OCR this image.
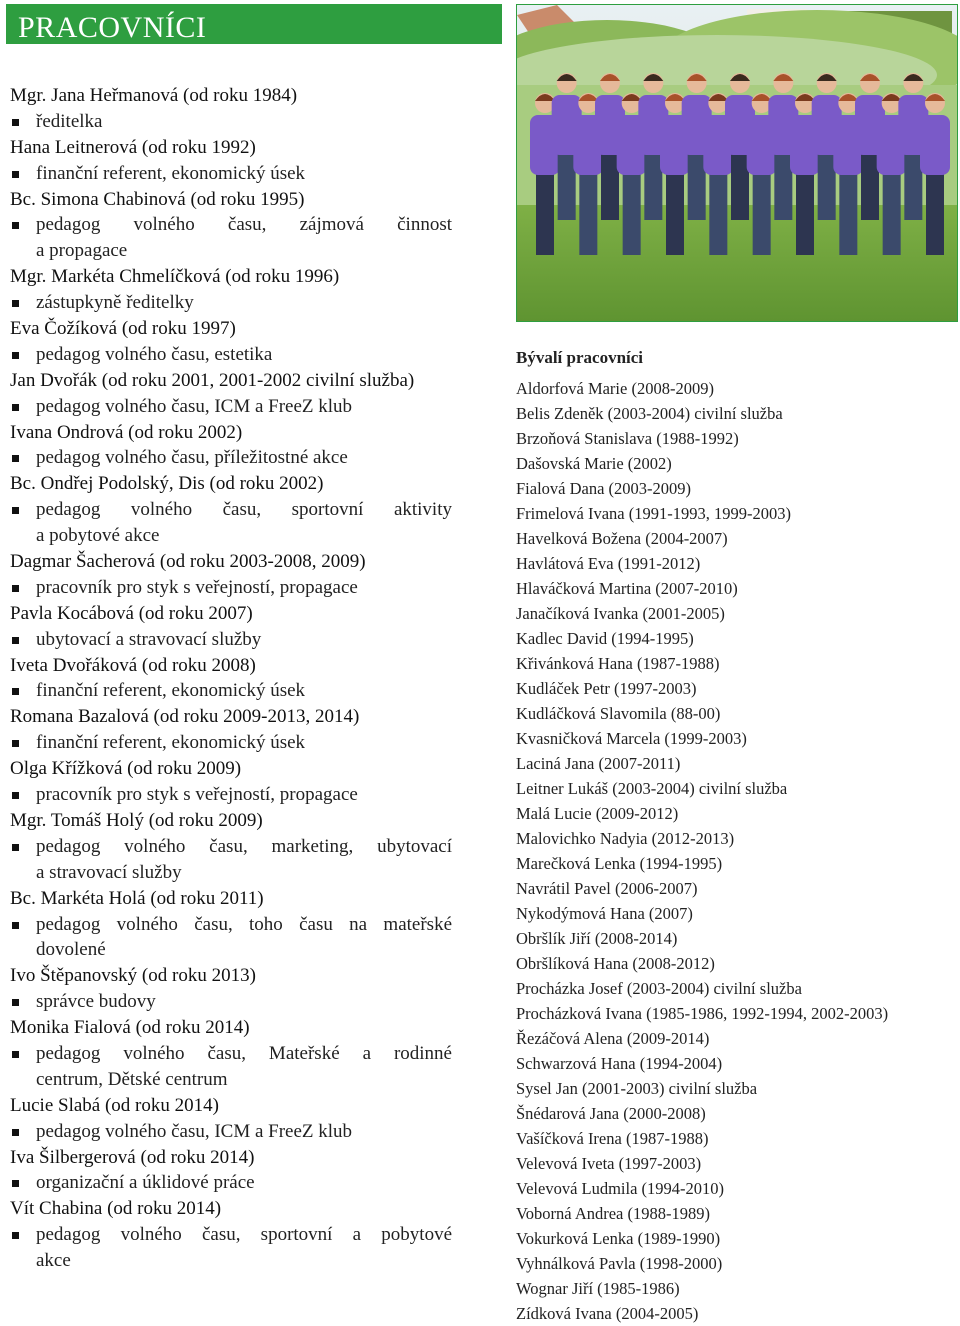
PRACOVNÍCI
Mgr. Jana Heřmanová (od roku 1984)
ředitelka
Hana Leitnerová (od roku 1992)
finanční referent, ekonomický úsek
Bc. Simona Chabinová (od roku 1995)
pedagog volného času, zájmová činnost
a propagace
Mgr. Markéta Chmelíčková (od roku 1996)
zástupkyně ředitelky
Eva Čožíková (od roku 1997)
pedagog volného času, estetika
Jan Dvořák (od roku 2001, 2001-2002 civilní služba)
pedagog volného času, ICM a FreeZ klub
Ivana Ondrová (od roku 2002)
pedagog volného času, příležitostné akce
Bc. Ondřej Podolský, Dis (od roku 2002)
pedagog volného času, sportovní aktivity
a pobytové akce
Dagmar Šacherová (od roku 2003-2008, 2009)
pracovník pro styk s veřejností, propagace
Pavla Kocábová (od roku 2007)
ubytovací a stravovací služby
Iveta Dvořáková (od roku 2008)
finanční referent, ekonomický úsek
Romana Bazalová (od roku 2009-2013, 2014)
finanční referent, ekonomický úsek
Olga Křížková (od roku 2009)
pracovník pro styk s veřejností, propagace
Mgr. Tomáš Holý (od roku 2009)
pedagog volného času, marketing, ubytovací
a stravovací služby
Bc. Markéta Holá (od roku 2011)
pedagog volného času, toho času na mateřské
dovolené
Ivo Štěpanovský (od roku 2013)
správce budovy
Monika Fialová (od roku 2014)
pedagog volného času, Mateřské a rodinné
centrum, Dětské centrum
Lucie Slabá (od roku 2014)
pedagog volného času, ICM a FreeZ klub
Iva Šilbergerová (od roku 2014)
organizační a úklidové práce
Vít Chabina (od roku 2014)
pedagog volného času, sportovní a pobytové
akce
Bývalí pracovníci
Aldorfová Marie (2008-2009)
Belis Zdeněk (2003-2004) civilní služba
Brzoňová Stanislava (1988-1992)
Dašovská Marie (2002)
Fialová Dana (2003-2009)
Frimelová Ivana (1991-1993, 1999-2003)
Havelková Božena (2004-2007)
Havlátová Eva (1991-2012)
Hlaváčková Martina (2007-2010)
Janačíková Ivanka (2001-2005)
Kadlec David (1994-1995)
Křivánková Hana (1987-1988)
Kudláček Petr (1997-2003)
Kudláčková Slavomila (88-00)
Kvasničková Marcela (1999-2003)
Laciná Jana (2007-2011)
Leitner Lukáš (2003-2004) civilní služba
Malá Lucie (2009-2012)
Malovichko Nadyia (2012-2013)
Marečková Lenka (1994-1995)
Navrátil Pavel (2006-2007)
Nykodýmová Hana (2007)
Obršlík Jiří (2008-2014)
Obršlíková Hana (2008-2012)
Procházka Josef (2003-2004) civilní služba
Procházková Ivana (1985-1986, 1992-1994, 2002-2003)
Řezáčová Alena (2009-2014)
Schwarzová Hana (1994-2004)
Sysel Jan (2001-2003) civilní služba
Šnédarová Jana (2000-2008)
Vašíčková Irena (1987-1988)
Velevová Iveta (1997-2003)
Velevová Ludmila (1994-2010)
Voborná Andrea (1988-1989)
Vokurková Lenka (1989-1990)
Vyhnálková Pavla (1998-2000)
Wognar Jiří (1985-1986)
Zídková Ivana (2004-2005)
